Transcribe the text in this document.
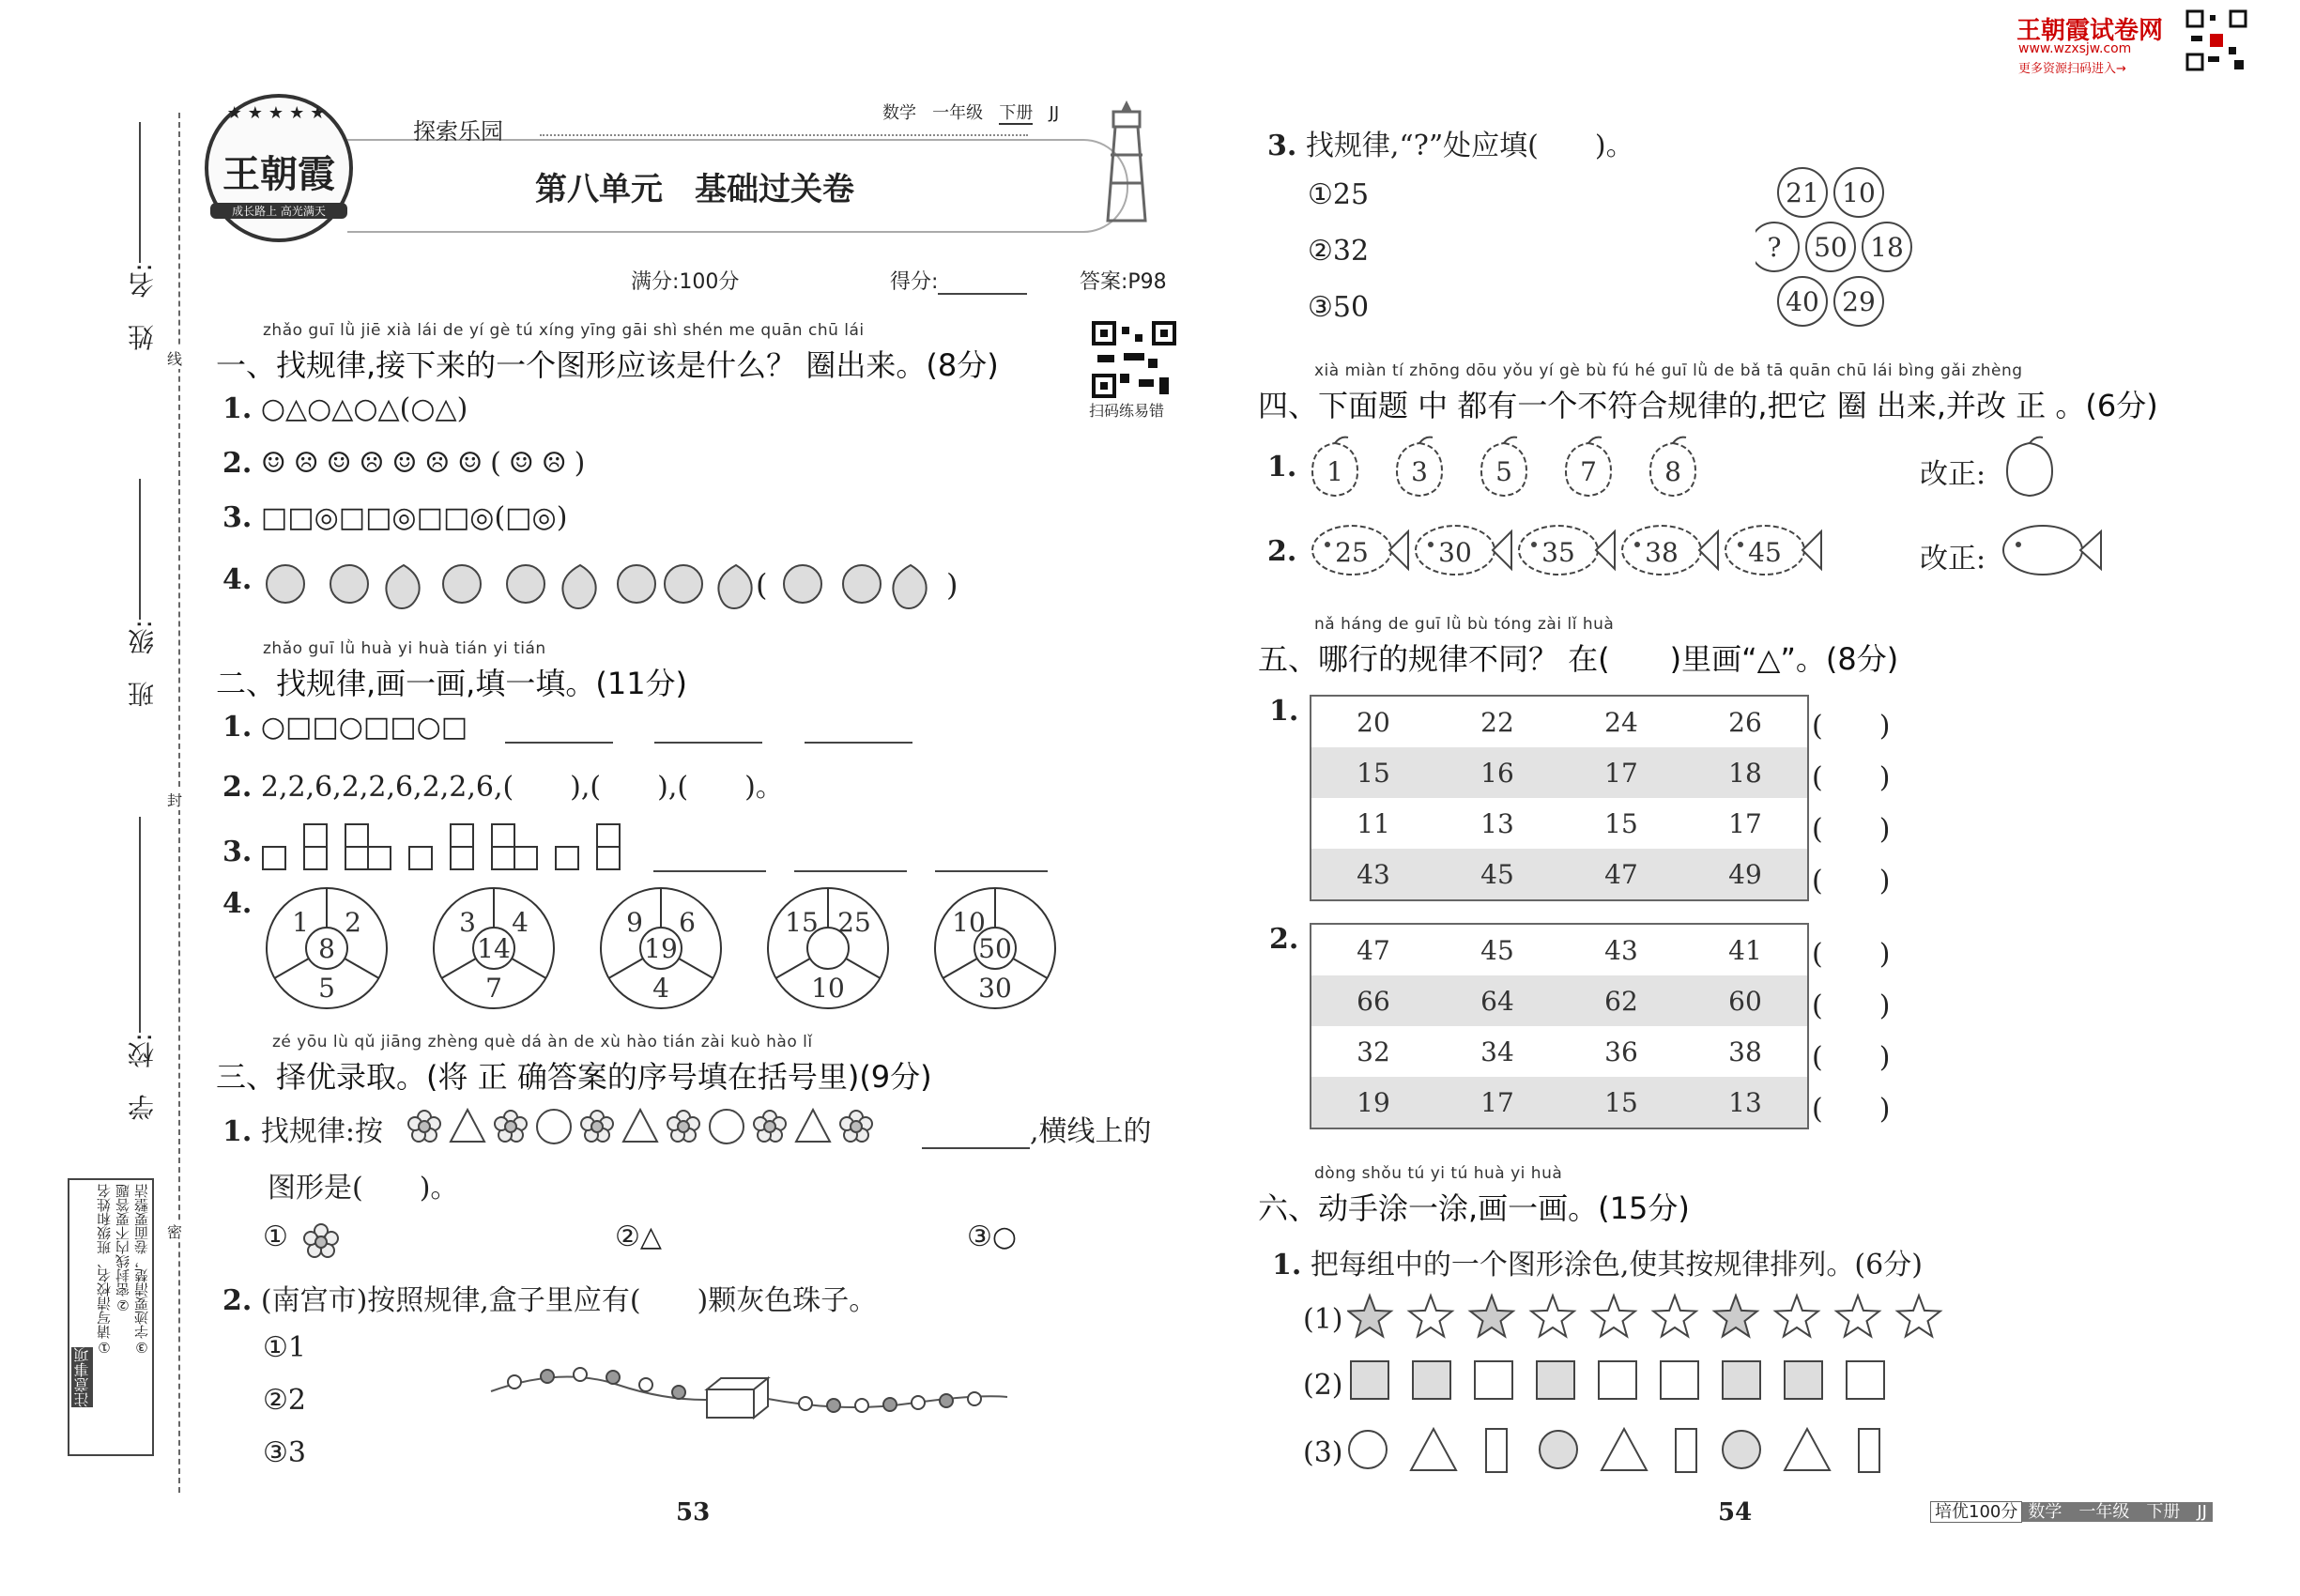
姓　名:
班　级:
学　校:
线
封
密
注意事项
①请写清校名、班级和姓名 ②密封线内不要答题 ③字迹要清楚，卷面要整洁
★★★★★
王朝霞
成长路上 高光满天
探索乐园
数学 一年级 下册 JJ
第八单元　基础过关卷
满分:100分	得分:	答案:P98
扫码练易错
王朝霞试卷网
www.wzxsjw.com
更多资源扫码进入→
zhǎo guī lǜ jiē xià lái de yí gè tú xíng yīng gāi shì shén me quān chū lái
一、找规律,接下来的一个图形应该是什么？ 圈出来。(8分)
1. ○△○△○△(○△)
2. ☺☹☺☹☺☹☺(☺☹)
3. □□◎□□◎□□◎(□◎)
4.	(	)
zhǎo guī lǜ huà yi huà tián yi tián
二、找规律,画一画,填一填。(11分)
1. ○□□○□□○□
2. 2,2,6,2,2,6,2,2,6,(　　),(　　),(　　)。
3.
4.
1 2
8
5
3 4
14
7
9 6
19
4
15 25
10
10
50
30
zé yōu lù qǔ jiāng zhèng què dá àn de xù hào tián zài kuò hào lǐ
三、择优录取。(将 正 确答案的序号填在括号里)(9分)
1. 找规律:按	,横线上的
图形是(　　)。
①	②△	③○
2. (南宫市)按照规律,盒子里应有(　　)颗灰色珠子。
①1
②2
③3
53	54	培优100分 数学　一年级　下册　JJ
3. 找规律,“?”处应填(　　)。
①25
②32
③50
21 10
18
29
40
? 50
xià miàn tí zhōng dōu yǒu yí gè bù fú hé guī lǜ de bǎ tā quān chū lái bìng gǎi zhèng
四、下面题 中 都有一个不符合规律的,把它 圈 出来,并改 正 。(6分)
1. 1	3	5	7	8	改正:
2. 25	30	35	38	45	改正:
nǎ háng de guī lǜ bù tóng zài lǐ huà
五、哪行的规律不同？ 在(　　)里画“△”。(8分)
1. 20	22	24	26
15	16	17	18
11	13	15	17
43	45	47	49
2. 47	45	43	41
66	64	62	60
32	34	36	38
19	17	15	13
dòng shǒu tú yi tú huà yi huà
六、动手涂一涂,画一画。(15分)
1. 把每组中的一个图形涂色,使其按规律排列。(6分)
(1)
(2)
(3)
(　　)
(　　)
(　　)
(　　)
(　　)
(　　)
(　　)
(　　)
